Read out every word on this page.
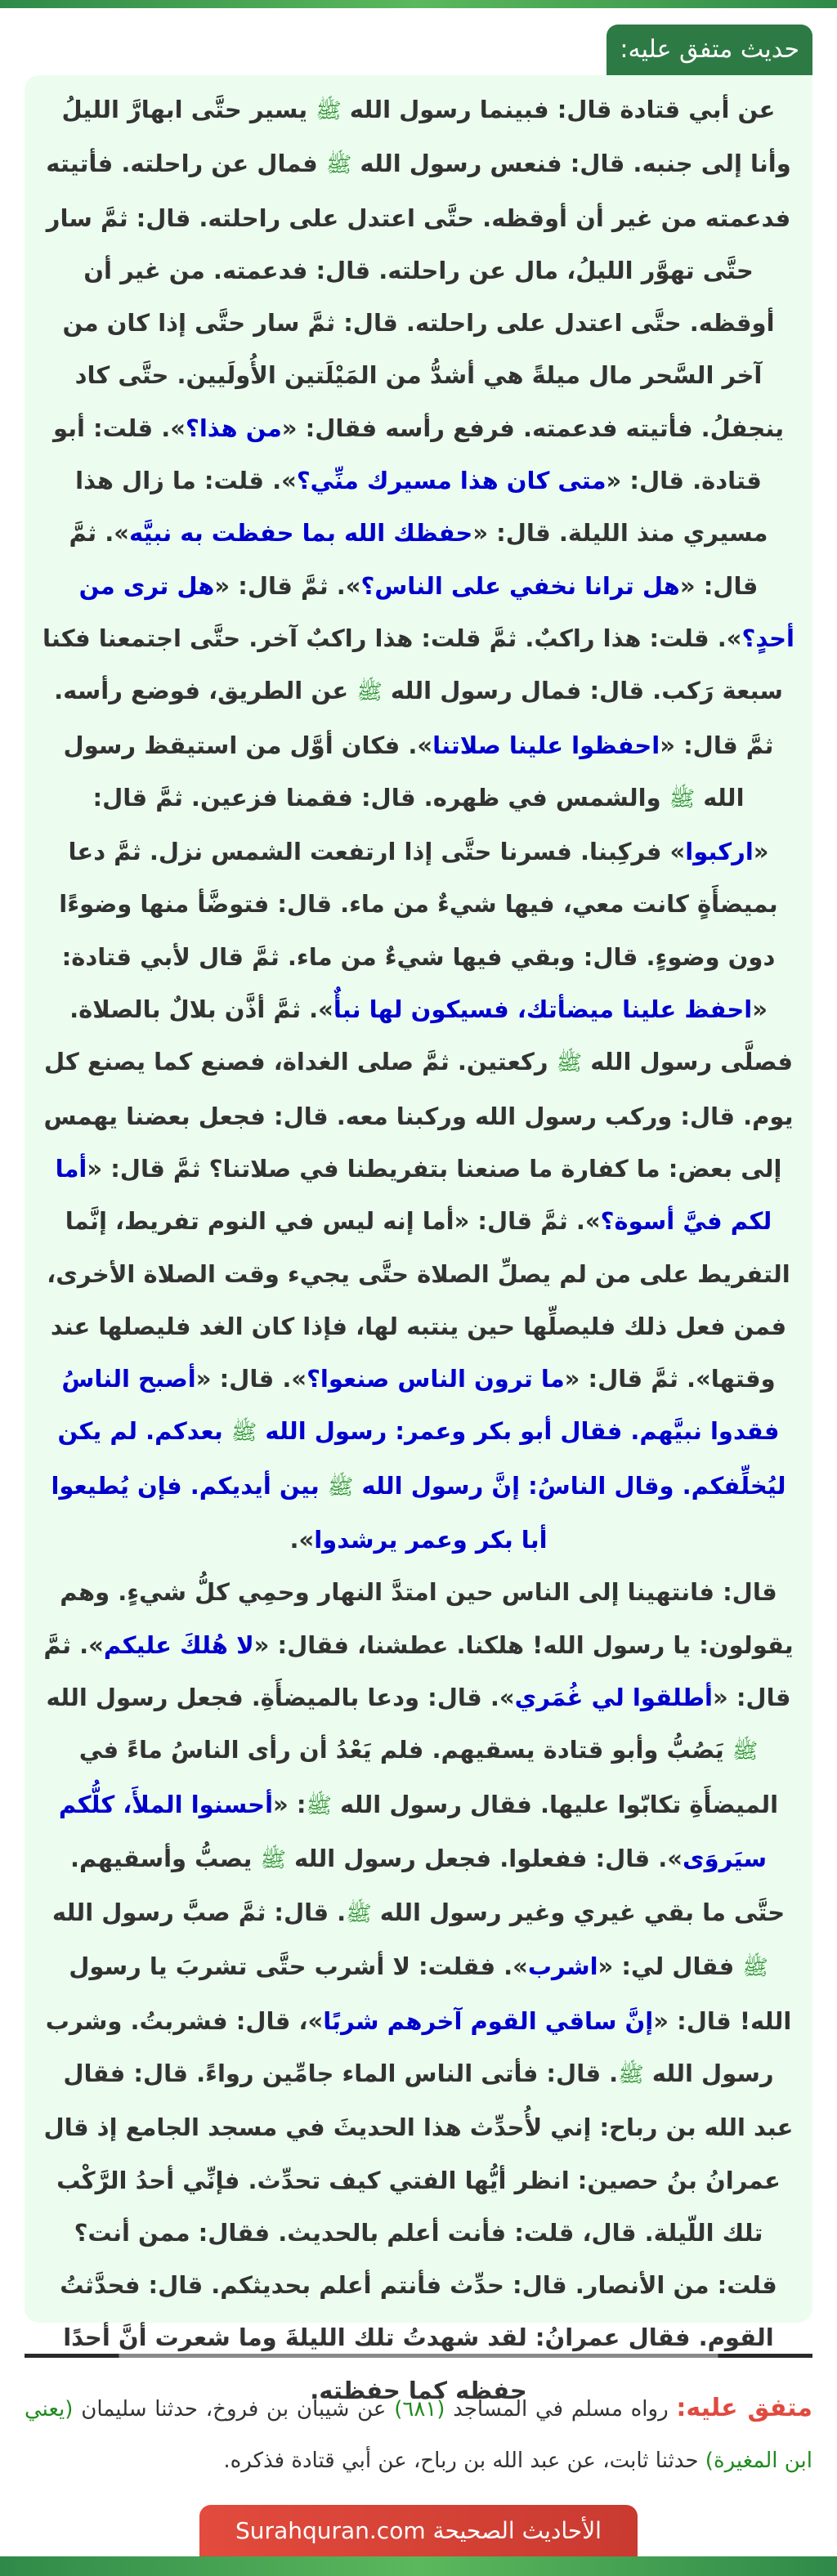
حديث متفق عليه:

عن أبي قتادة قال: فبينما رسول الله ﷺ يسير حتَّى ابهارَّ الليلُ وأنا إلى جنبه. قال: فنعس رسول الله ﷺ فمال عن راحلته. فأتيته فدعمته من غير أن أوقظه. حتَّى اعتدل على راحلته. قال: ثمَّ سار حتَّى تهوَّر الليلُ، مال عن راحلته. قال: فدعمته. من غير أن أوقظه. حتَّى اعتدل على راحلته. قال: ثمَّ سار حتَّى إذا كان من آخر السَّحر مال ميلةً هي أشدُّ من المَيْلَتين الأُولَيين. حتَّى كاد ينجفلُ. فأتيته فدعمته. فرفع رأسه فقال: «من هذا؟». قلت: أبو قتادة. قال: «متى كان هذا مسيرك منِّي؟». قلت: ما زال هذا مسيري منذ الليلة. قال: «حفظك الله بما حفظت به نبيَّه». ثمَّ قال: «هل ترانا نخفي على الناس؟». ثمَّ قال: «هل ترى من أحدٍ؟». قلت: هذا راكبٌ. ثمَّ قلت: هذا راكبٌ آخر. حتَّى اجتمعنا فكنا سبعة رَكب. قال: فمال رسول الله ﷺ عن الطريق، فوضع رأسه. ثمَّ قال: «احفظوا علينا صلاتنا». فكان أوَّل من استيقظ رسول الله ﷺ والشمس في ظهره. قال: فقمنا فزعين. ثمَّ قال: «اركبوا» فركِبنا. فسرنا حتَّى إذا ارتفعت الشمس نزل. ثمَّ دعا بميضأَةٍ كانت معي، فيها شيءٌ من ماء. قال: فتوضَّأ منها وضوءًا دون وضوءٍ. قال: وبقي فيها شيءٌ من ماء. ثمَّ قال لأبي قتادة: «احفظ علينا ميضأتك، فسيكون لها نبأٌ». ثمَّ أذَّن بلالٌ بالصلاة. فصلَّى رسول الله ﷺ ركعتين. ثمَّ صلى الغداة، فصنع كما يصنع كل يوم. قال: وركب رسول الله وركبنا معه. قال: فجعل بعضنا يهمس إلى بعض: ما كفارة ما صنعنا بتفريطنا في صلاتنا؟ ثمَّ قال: «أما لكم فيَّ أسوة؟». ثمَّ قال: «أما إنه ليس في النوم تفريط، إنَّما التفريط على من لم يصلِّ الصلاة حتَّى يجيء وقت الصلاة الأخرى، فمن فعل ذلك فليصلِّها حين ينتبه لها، فإذا كان الغد فليصلها عند

وقتها». ثمَّ قال: «ما ترون الناس صنعوا؟». قال: «أصبح الناسُ فقدوا نبيَّهم. فقال أبو بكر وعمر: رسول الله ﷺ بعدكم. لم يكن ليُخلِّفكم. وقال الناسُ: إنَّ رسول الله ﷺ بين أيديكم. فإن يُطيعوا أبا بكر وعمر يرشدوا».

قال: فانتهينا إلى الناس حين امتدَّ النهار وحمِي كلُّ شيءٍ. وهم يقولون: يا رسول الله! هلكنا. عطشنا، فقال: «لا هُلكَ عليكم». ثمَّ قال: «أطلقوا لي غُمَري». قال: ودعا بالميضأَةِ. فجعل رسول الله ﷺ يَصُبُّ وأبو قتادة يسقيهم. فلم يَعْدُ أن رأى الناسُ ماءً في الميضأَةِ تكابّوا عليها. فقال رسول الله ﷺ: «أحسنوا الملأَ، كلُّكم سيَروَى». قال: ففعلوا. فجعل رسول الله ﷺ يصبُّ وأسقيهم. حتَّى ما بقي غيري وغير رسول الله ﷺ. قال: ثمَّ صبَّ رسول الله ﷺ فقال لي: «اشرب». فقلت: لا أشرب حتَّى تشربَ يا رسول الله! قال: «إنَّ ساقي القوم آخرهم شربًا»، قال: فشربتُ. وشرب رسول الله ﷺ. قال: فأتى الناس الماء جامِّين رواءً. قال: فقال عبد الله بن رباح: إني لأُحدِّث هذا الحديثَ في مسجد الجامع إذ قال عمرانُ بنُ حصين: انظر أيُّها الفتي كيف تحدِّث. فإنِّي أحدُ الرَّكْب تلك اللّيلة. قال، قلت: فأنت أعلم بالحديث. فقال: ممن أنت؟ قلت: من الأنصار. قال: حدِّث فأنتم أعلم بحديثكم. قال: فحدَّثتُ القوم. فقال عمرانُ: لقد شهدتُ تلك الليلةَ وما شعرت أنَّ أحدًا حفظه كما حفظته.

متفق عليه: رواه مسلم في المساجد (٦٨١) عن شيبان بن فروخ، حدثنا سليمان (يعني ابن المغيرة) حدثنا ثابت، عن عبد الله بن رباح، عن أبي قتادة فذكره.

الأحاديث الصحيحة Surahquran.com
